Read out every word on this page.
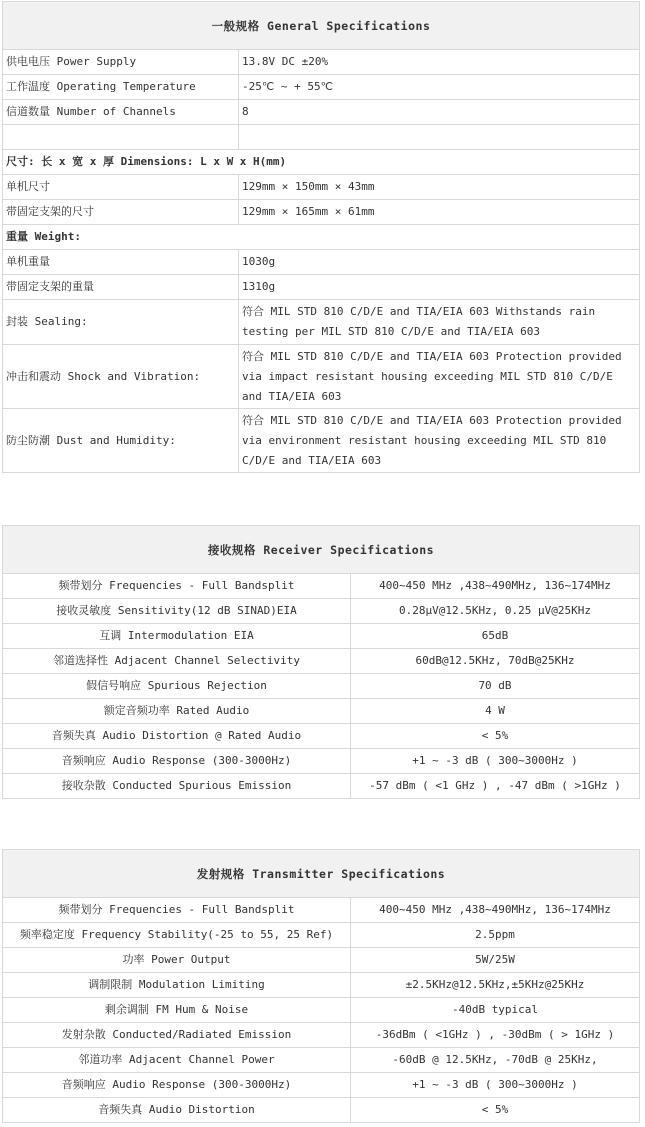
一般规格 General Specifications	
供电电压 Power Supply	13.8V DC ±20%
工作温度 Operating Temperature	-25℃ ~ + 55℃
信道数量 Number of Channels	8

尺寸: 长 x 宽 x 厚 Dimensions: L x W x H(mm)	
单机尺寸	129mm × 150mm × 43mm
带固定支架的尺寸	129mm × 165mm × 61mm
重量 Weight:	
单机重量	1030g
带固定支架的重量	1310g
封装 Sealing:	符合 MIL STD 810 C/D/E and TIA/EIA 603 Withstands rain testing per MIL STD 810 C/D/E and TIA/EIA 603
冲击和震动 Shock and Vibration:	符合 MIL STD 810 C/D/E and TIA/EIA 603 Protection provided via impact resistant housing exceeding MIL STD 810 C/D/E and TIA/EIA 603
防尘防潮 Dust and Humidity:	符合 MIL STD 810 C/D/E and TIA/EIA 603 Protection provided via environment resistant housing exceeding MIL STD 810 C/D/E and TIA/EIA 603
接收规格 Receiver Specifications	
频带划分 Frequencies - Full Bandsplit	400~450 MHz ,438~490MHz, 136~174MHz
接收灵敏度 Sensitivity(12 dB SINAD)EIA	0.28μV@12.5KHz, 0.25 μV@25KHz
互调 Intermodulation EIA	65dB
邻道选择性 Adjacent Channel Selectivity	60dB@12.5KHz, 70dB@25KHz
假信号响应 Spurious Rejection	70 dB
额定音频功率 Rated Audio	4 W
音频失真 Audio Distortion @ Rated Audio	< 5%
音频响应 Audio Response (300-3000Hz)	+1 ~ -3 dB ( 300~3000Hz )
接收杂散 Conducted Spurious Emission	-57 dBm ( <1 GHz ) , -47 dBm ( >1GHz )
发射规格 Transmitter Specifications	
频带划分 Frequencies - Full Bandsplit	400~450 MHz ,438~490MHz, 136~174MHz
频率稳定度 Frequency Stability(-25 to 55, 25 Ref)	2.5ppm
功率 Power Output	5W/25W
调制限制 Modulation Limiting	±2.5KHz@12.5KHz,±5KHz@25KHz
剩余调制 FM Hum & Noise	-40dB typical
发射杂散 Conducted/Radiated Emission	-36dBm ( <1GHz ) , -30dBm ( > 1GHz )
邻道功率 Adjacent Channel Power	-60dB @ 12.5KHz, -70dB @ 25KHz,
音频响应 Audio Response (300-3000Hz)	+1 ~ -3 dB ( 300~3000Hz )
音频失真 Audio Distortion	< 5%
